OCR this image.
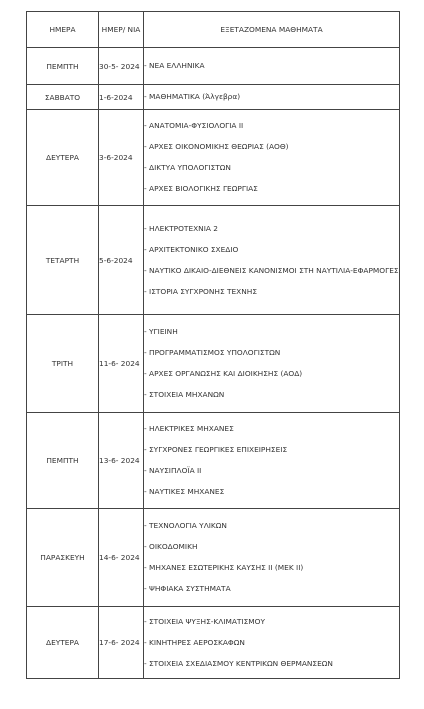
ΗΜΕΡΑ	ΗΜΕΡ/ ΝΙΑ	ΕΞΕΤΑΖΟΜΕΝΑ ΜΑΘΗΜΑΤΑ
ΠΕΜΠΤΗ	30-5- 2024	- ΝΕΑ ΕΛΛΗΝΙΚΑ

ΣΑΒΒΑΤΟ	1-6-2024	- ΜΑΘΗΜΑΤΙΚΑ (Άλγεβρα)

ΔΕΥΤΕΡΑ	3-6-2024	- ΑΝΑΤΟΜΙΑ-ΦΥΣΙΟΛΟΓΙΑ ΙΙ
- ΑΡΧΕΣ ΟΙΚΟΝΟΜΙΚΗΣ ΘΕΩΡΙΑΣ (ΑΟΘ)
- ΔΙΚΤΥΑ ΥΠΟΛΟΓΙΣΤΩΝ
- ΑΡΧΕΣ ΒΙΟΛΟΓΙΚΗΣ ΓΕΩΡΓΙΑΣ

ΤΕΤΑΡΤΗ	5-6-2024	- ΗΛΕΚΤΡΟΤΕΧΝΙΑ 2
- ΑΡΧΙΤΕΚΤΟΝΙΚΟ ΣΧΕΔΙΟ
- ΝΑΥΤΙΚΟ ΔΙΚΑΙΟ-ΔΙΕΘΝΕΙΣ ΚΑΝΟΝΙΣΜΟΙ ΣΤΗ ΝΑΥΤΙΛΙΑ-ΕΦΑΡΜΟΓΕΣ
- ΙΣΤΟΡΙΑ ΣΥΓΧΡΟΝΗΣ ΤΕΧΝΗΣ

ΤΡΙΤΗ	11-6- 2024	- ΥΓΙΕΙΝΗ
- ΠΡΟΓΡΑΜΜΑΤΙΣΜΟΣ ΥΠΟΛΟΓΙΣΤΩΝ
- ΑΡΧΕΣ ΟΡΓΑΝΩΣΗΣ ΚΑΙ ΔΙΟΙΚΗΣΗΣ (ΑΟΔ)
- ΣΤΟΙΧΕΙΑ ΜΗΧΑΝΩΝ

ΠΕΜΠΤΗ	13-6- 2024	- ΗΛΕΚΤΡΙΚΕΣ ΜΗΧΑΝΕΣ
- ΣΥΓΧΡΟΝΕΣ ΓΕΩΡΓΙΚΕΣ ΕΠΙΧΕΙΡΗΣΕΙΣ
- ΝΑΥΣΙΠΛΟΪΑ ΙΙ
- ΝΑΥΤΙΚΕΣ ΜΗΧΑΝΕΣ

ΠΑΡΑΣΚΕΥΗ	14-6- 2024	- ΤΕΧΝΟΛΟΓΙΑ ΥΛΙΚΩΝ
- ΟΙΚΟΔΟΜΙΚΗ
- ΜΗΧΑΝΕΣ ΕΣΩΤΕΡΙΚΗΣ ΚΑΥΣΗΣ ΙΙ (ΜΕΚ ΙΙ)
- ΨΗΦΙΑΚΑ ΣΥΣΤΗΜΑΤΑ

ΔΕΥΤΕΡΑ	17-6- 2024	- ΣΤΟΙΧΕΙΑ ΨΥΞΗΣ-ΚΛΙΜΑΤΙΣΜΟΥ
- ΚΙΝΗΤΗΡΕΣ ΑΕΡΟΣΚΑΦΩΝ
- ΣΤΟΙΧΕΙΑ ΣΧΕΔΙΑΣΜΟΥ ΚΕΝΤΡΙΚΩΝ ΘΕΡΜΑΝΣΕΩΝ
